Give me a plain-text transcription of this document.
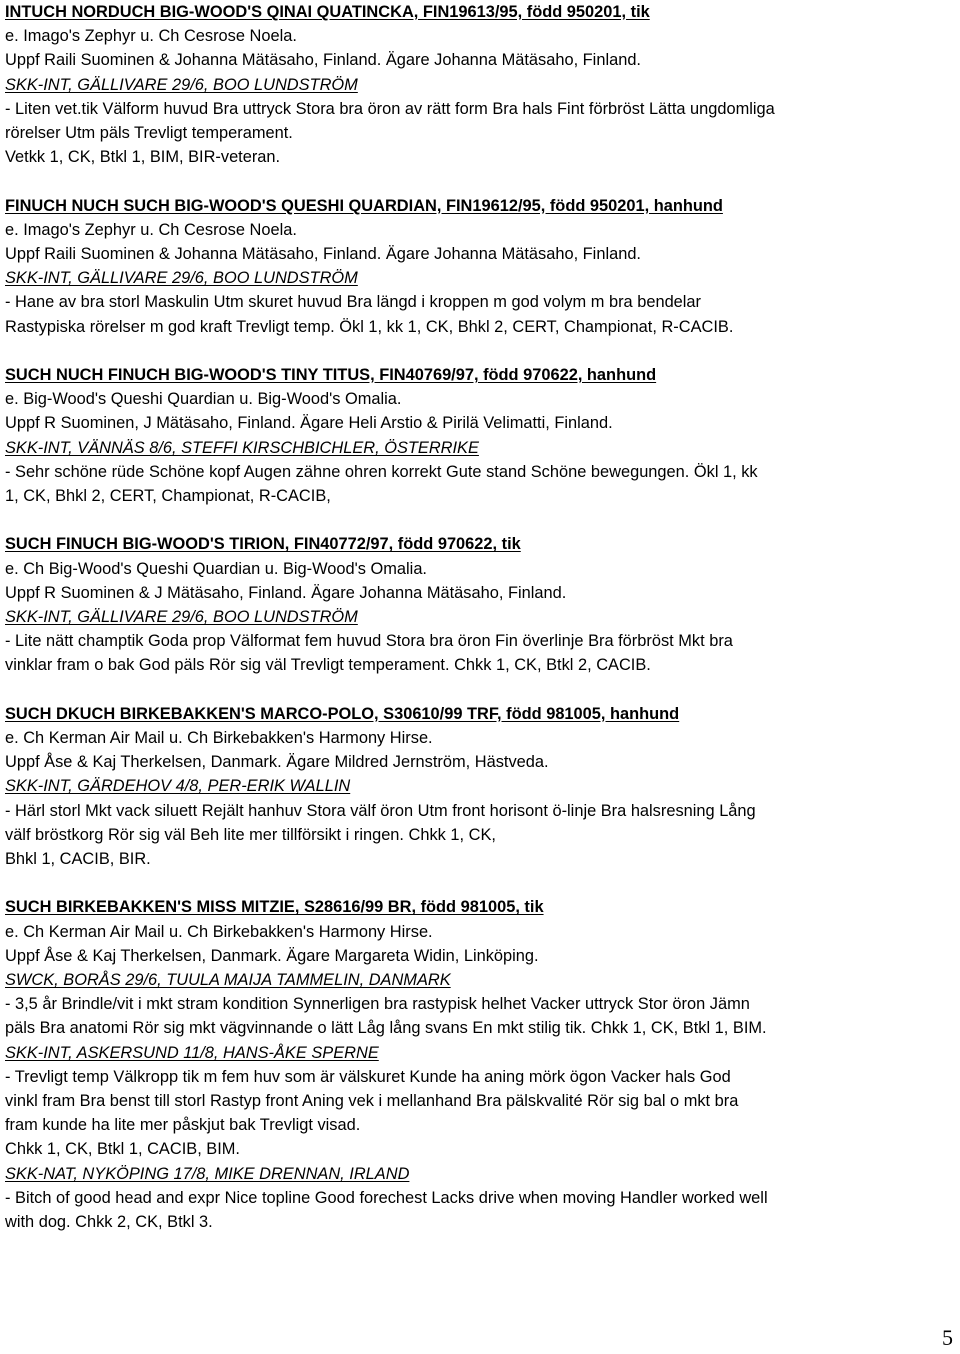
INTUCH NORDUCH BIG-WOOD'S QINAI QUATINCKA, FIN19613/95, född 950201, tik
e. Imago's Zephyr u. Ch Cesrose Noela.
Uppf Raili Suominen & Johanna Mätäsaho, Finland. Ägare Johanna Mätäsaho, Finland.
SKK-INT, GÄLLIVARE 29/6, BOO LUNDSTRÖM
- Liten vet.tik Välform huvud Bra uttryck Stora bra öron av rätt form Bra hals Fint förbröst Lätta ungdomliga
rörelser Utm päls Trevligt temperament.
Vetkk 1, CK, Btkl 1, BIM, BIR-veteran.
FINUCH NUCH SUCH BIG-WOOD'S QUESHI QUARDIAN, FIN19612/95, född 950201, hanhund
e. Imago's Zephyr u. Ch Cesrose Noela.
Uppf Raili Suominen & Johanna Mätäsaho, Finland. Ägare Johanna Mätäsaho, Finland.
SKK-INT, GÄLLIVARE 29/6, BOO LUNDSTRÖM
- Hane av bra storl Maskulin Utm skuret huvud Bra längd i kroppen m god volym m bra bendelar
Rastypiska rörelser m god kraft Trevligt temp. Ökl 1, kk 1, CK, Bhkl 2, CERT, Championat, R-CACIB.
SUCH NUCH FINUCH BIG-WOOD'S TINY TITUS, FIN40769/97, född 970622, hanhund
e. Big-Wood's Queshi Quardian u. Big-Wood's Omalia.
Uppf R Suominen, J Mätäsaho, Finland. Ägare Heli Arstio & Pirilä Velimatti, Finland.
SKK-INT, VÄNNÄS 8/6, STEFFI KIRSCHBICHLER, ÖSTERRIKE
- Sehr schöne rüde Schöne kopf Augen zähne ohren korrekt Gute stand Schöne bewegungen. Ökl 1, kk
1, CK, Bhkl 2, CERT, Championat, R-CACIB,
SUCH FINUCH BIG-WOOD'S TIRION, FIN40772/97, född 970622, tik
e. Ch Big-Wood's Queshi Quardian u. Big-Wood's Omalia.
Uppf R Suominen & J Mätäsaho, Finland. Ägare Johanna Mätäsaho, Finland.
SKK-INT, GÄLLIVARE 29/6, BOO LUNDSTRÖM
- Lite nätt champtik Goda prop Välformat fem huvud Stora bra öron Fin överlinje Bra förbröst Mkt bra
vinklar fram o bak God päls Rör sig väl Trevligt temperament. Chkk 1, CK, Btkl 2, CACIB.
SUCH DKUCH BIRKEBAKKEN'S MARCO-POLO, S30610/99 TRF, född 981005, hanhund
e. Ch Kerman Air Mail u. Ch Birkebakken's Harmony Hirse.
Uppf Åse & Kaj Therkelsen, Danmark. Ägare Mildred Jernström, Hästveda.
SKK-INT, GÄRDEHOV 4/8, PER-ERIK WALLIN
- Härl storl Mkt vack siluett Rejält hanhuv Stora välf öron Utm front horisont ö-linje Bra halsresning Lång
välf bröstkorg Rör sig väl Beh lite mer tillförsikt i ringen. Chkk 1, CK,
Bhkl 1, CACIB, BIR.
SUCH BIRKEBAKKEN'S MISS MITZIE, S28616/99 BR, född 981005, tik
e. Ch Kerman Air Mail u. Ch Birkebakken's Harmony Hirse.
Uppf Åse & Kaj Therkelsen, Danmark. Ägare Margareta Widin, Linköping.
SWCK, BORÅS 29/6, TUULA MAIJA TAMMELIN, DANMARK
- 3,5 år Brindle/vit i mkt stram kondition Synnerligen bra rastypisk helhet Vacker uttryck Stor öron Jämn
päls Bra anatomi Rör sig mkt vägvinnande o lätt Låg lång svans En mkt stilig tik. Chkk 1, CK, Btkl 1, BIM.
SKK-INT, ASKERSUND 11/8, HANS-ÅKE SPERNE
- Trevligt temp Välkropp tik m fem huv som är välskuret Kunde ha aning mörk ögon Vacker hals God
vinkl fram Bra benst till storl Rastyp front Aning vek i mellanhand Bra pälskvalité Rör sig bal o mkt bra
fram kunde ha lite mer påskjut bak Trevligt visad.
Chkk 1, CK, Btkl 1, CACIB, BIM.
SKK-NAT, NYKÖPING 17/8, MIKE DRENNAN, IRLAND
- Bitch of good head and expr Nice topline Good forechest Lacks drive when moving Handler worked well
with dog. Chkk 2, CK, Btkl 3.
5
